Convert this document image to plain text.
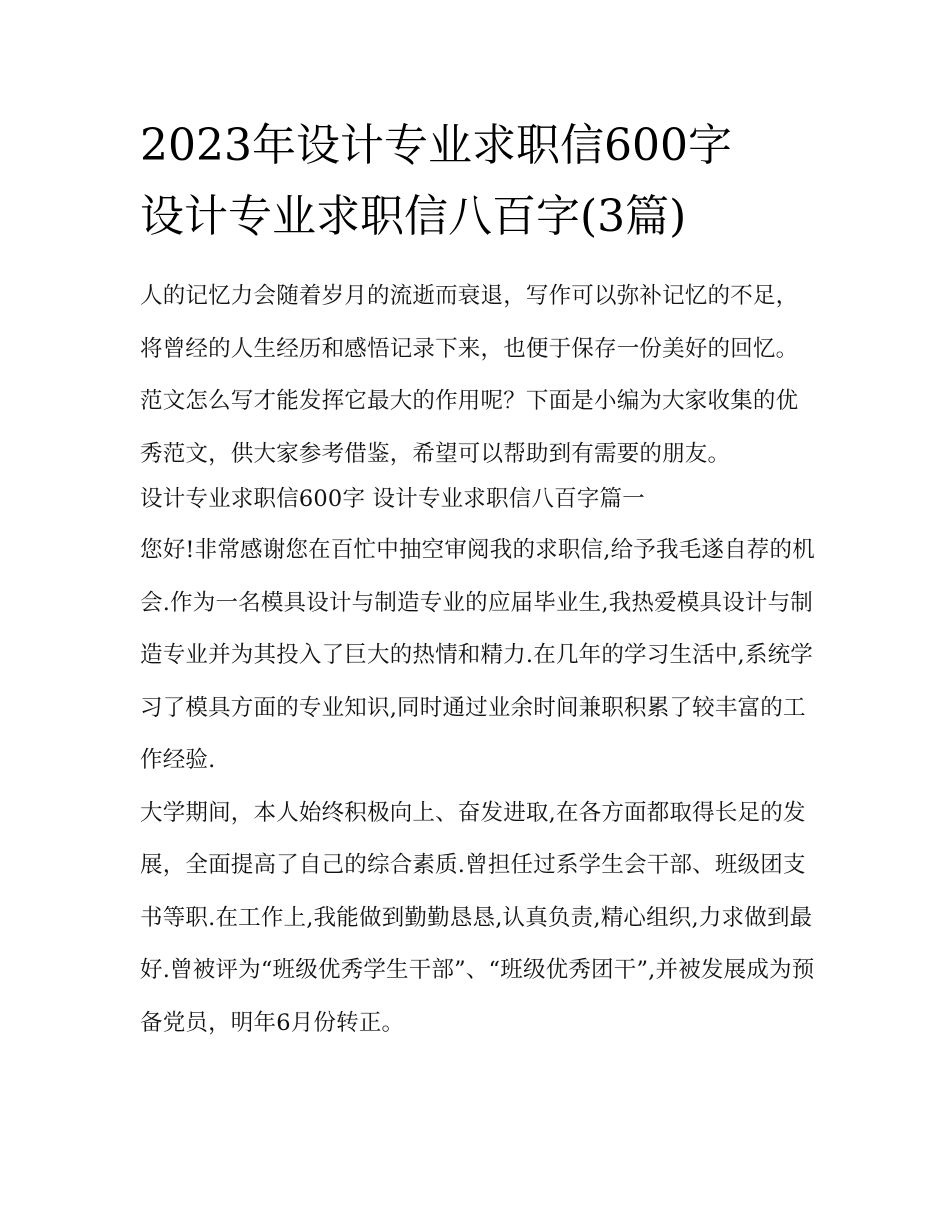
2023年设计专业求职信600字
设计专业求职信八百字(3篇)

人的记忆力会随着岁月的流逝而衰退，写作可以弥补记忆的不足，将曾经的人生经历和感悟记录下来，也便于保存一份美好的回忆。范文怎么写才能发挥它最大的作用呢？下面是小编为大家收集的优秀范文，供大家参考借鉴，希望可以帮助到有需要的朋友。

设计专业求职信600字 设计专业求职信八百字篇一

您好!非常感谢您在百忙中抽空审阅我的求职信,给予我毛遂自荐的机会.作为一名模具设计与制造专业的应届毕业生,我热爱模具设计与制造专业并为其投入了巨大的热情和精力.在几年的学习生活中,系统学习了模具方面的专业知识,同时通过业余时间兼职积累了较丰富的工作经验.

大学期间，本人始终积极向上、奋发进取,在各方面都取得长足的发展，全面提高了自己的综合素质.曾担任过系学生会干部、班级团支书等职.在工作上,我能做到勤勤恳恳,认真负责,精心组织,力求做到最好.曾被评为“班级优秀学生干部”、“班级优秀团干”,并被发展成为预备党员，明年6月份转正。
